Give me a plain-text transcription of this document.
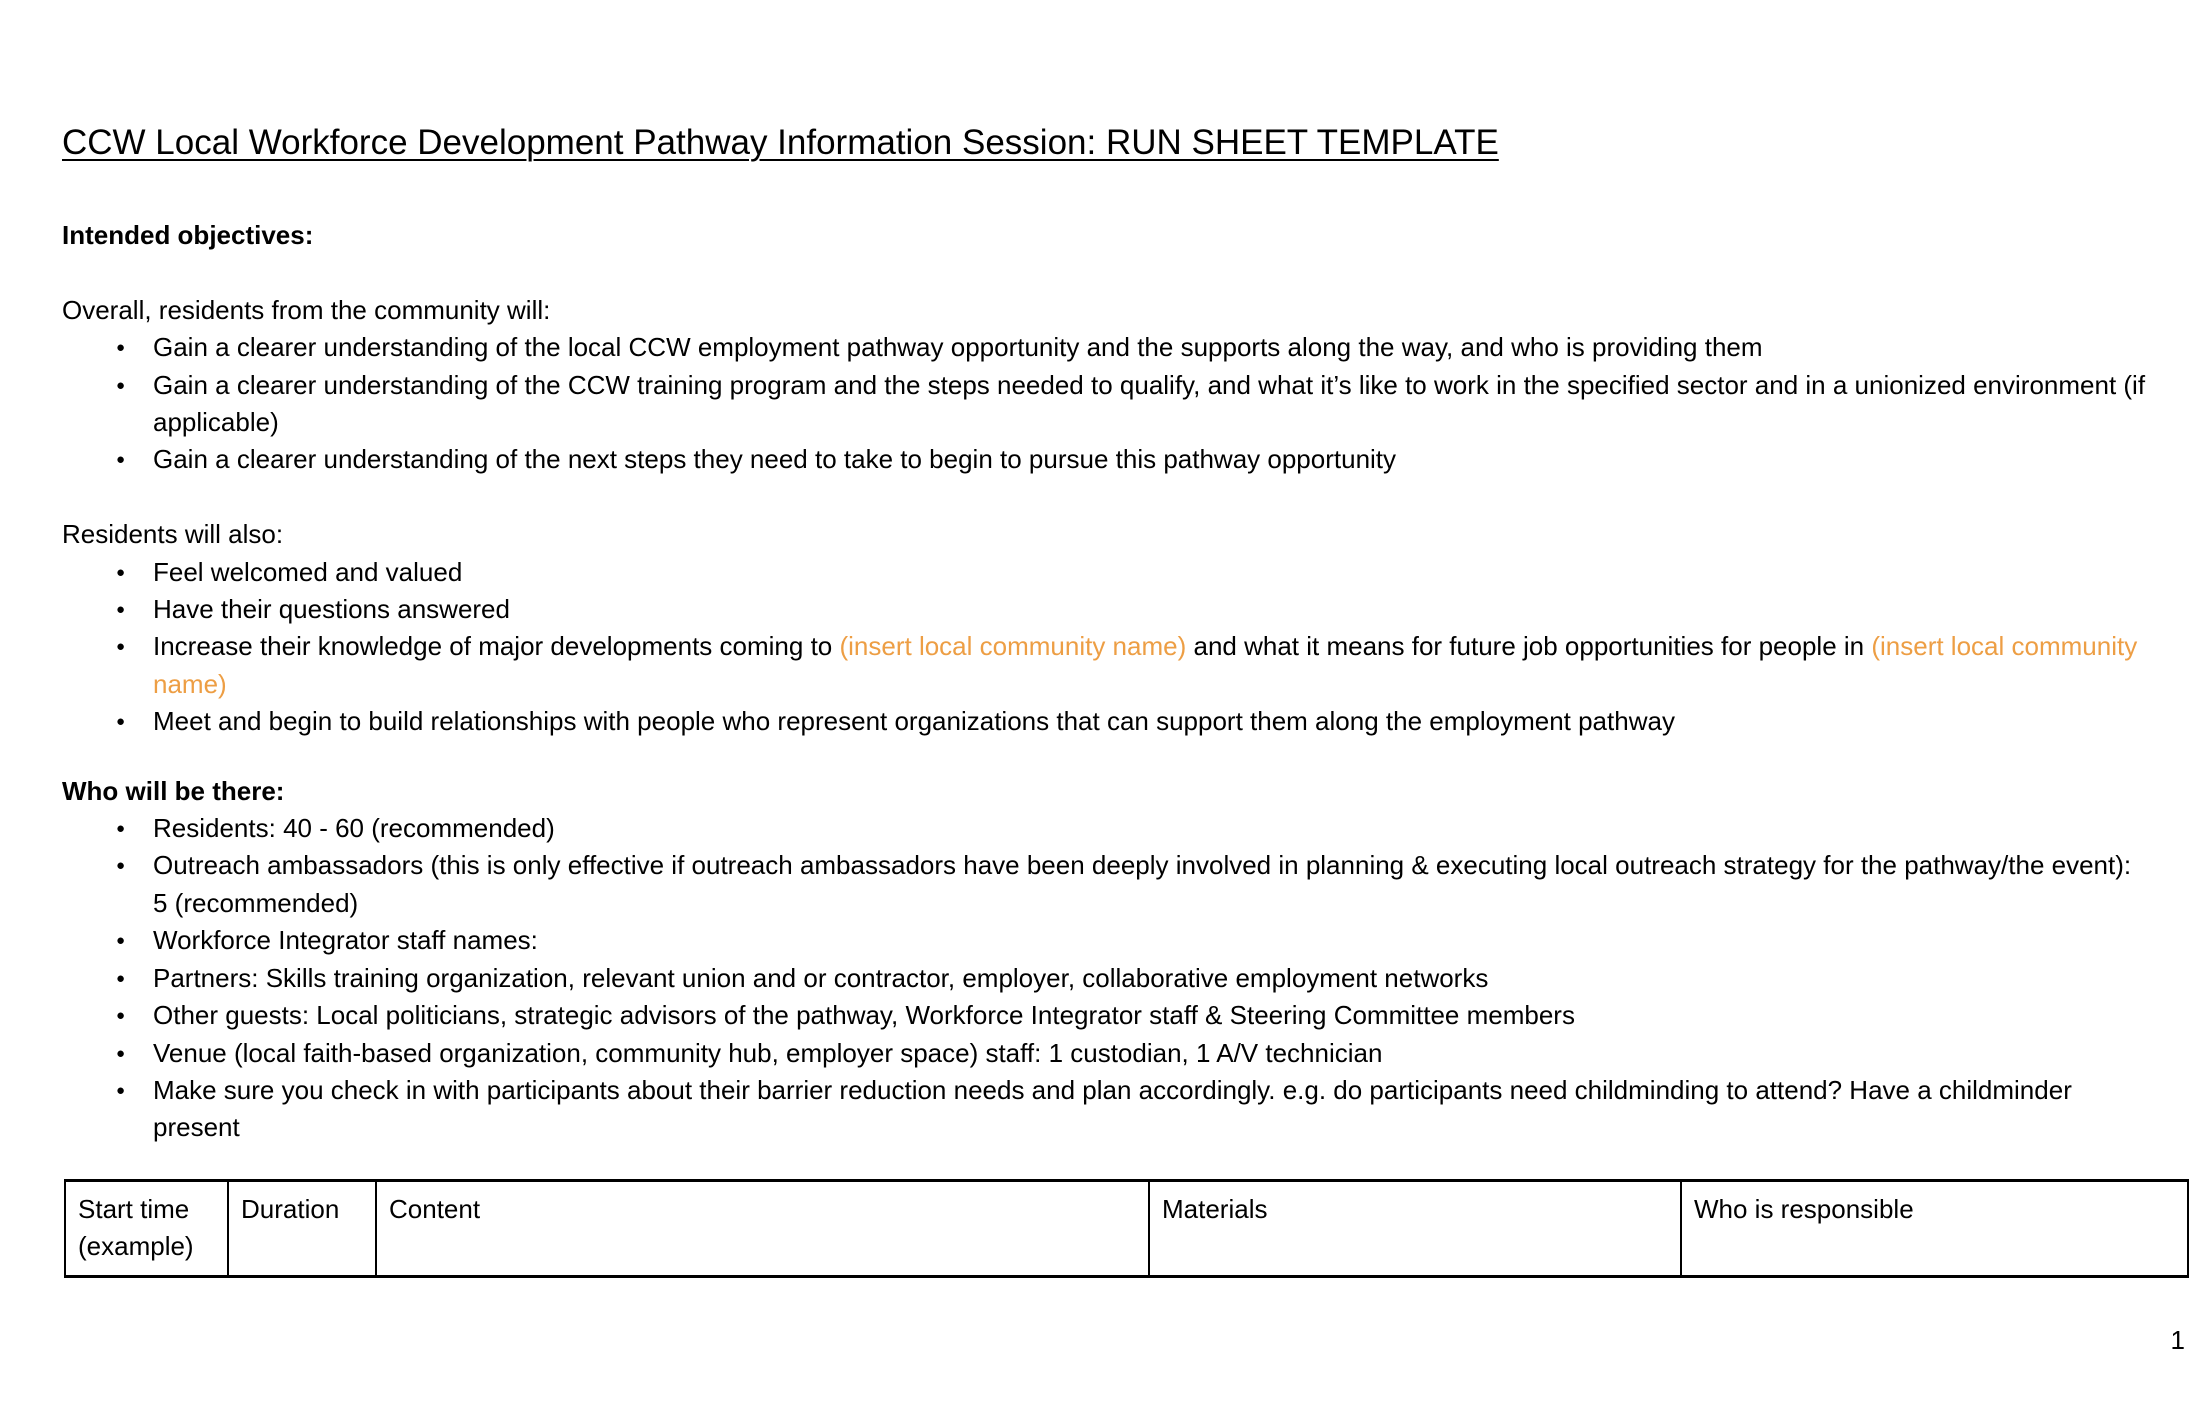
CCW Local Workforce Development Pathway Information Session: RUN SHEET TEMPLATE

Intended objectives:

Overall, residents from the community will:

● Gain a clearer understanding of the local CCW employment pathway opportunity and the supports along the way, and who is providing them
● Gain a clearer understanding of the CCW training program and the steps needed to qualify, and what it’s like to work in the specified sector and in a unionized environment (if applicable)
● Gain a clearer understanding of the next steps they need to take to begin to pursue this pathway opportunity

Residents will also:

● Feel welcomed and valued
● Have their questions answered
● Increase their knowledge of major developments coming to (insert local community name) and what it means for future job opportunities for people in (insert local community name)
● Meet and begin to build relationships with people who represent organizations that can support them along the employment pathway

Who will be there:

● Residents: 40 - 60 (recommended)
● Outreach ambassadors (this is only effective if outreach ambassadors have been deeply involved in planning & executing local outreach strategy for the pathway/the event): 5 (recommended)
● Workforce Integrator staff names:
● Partners: Skills training organization, relevant union and or contractor, employer, collaborative employment networks
● Other guests: Local politicians, strategic advisors of the pathway, Workforce Integrator staff & Steering Committee members
● Venue (local faith-based organization, community hub, employer space) staff: 1 custodian, 1 A/V technician
● Make sure you check in with participants about their barrier reduction needs and plan accordingly. e.g. do participants need childminding to attend? Have a childminder present
Start time (example)	Duration	Content	Materials	Who is responsible
1
